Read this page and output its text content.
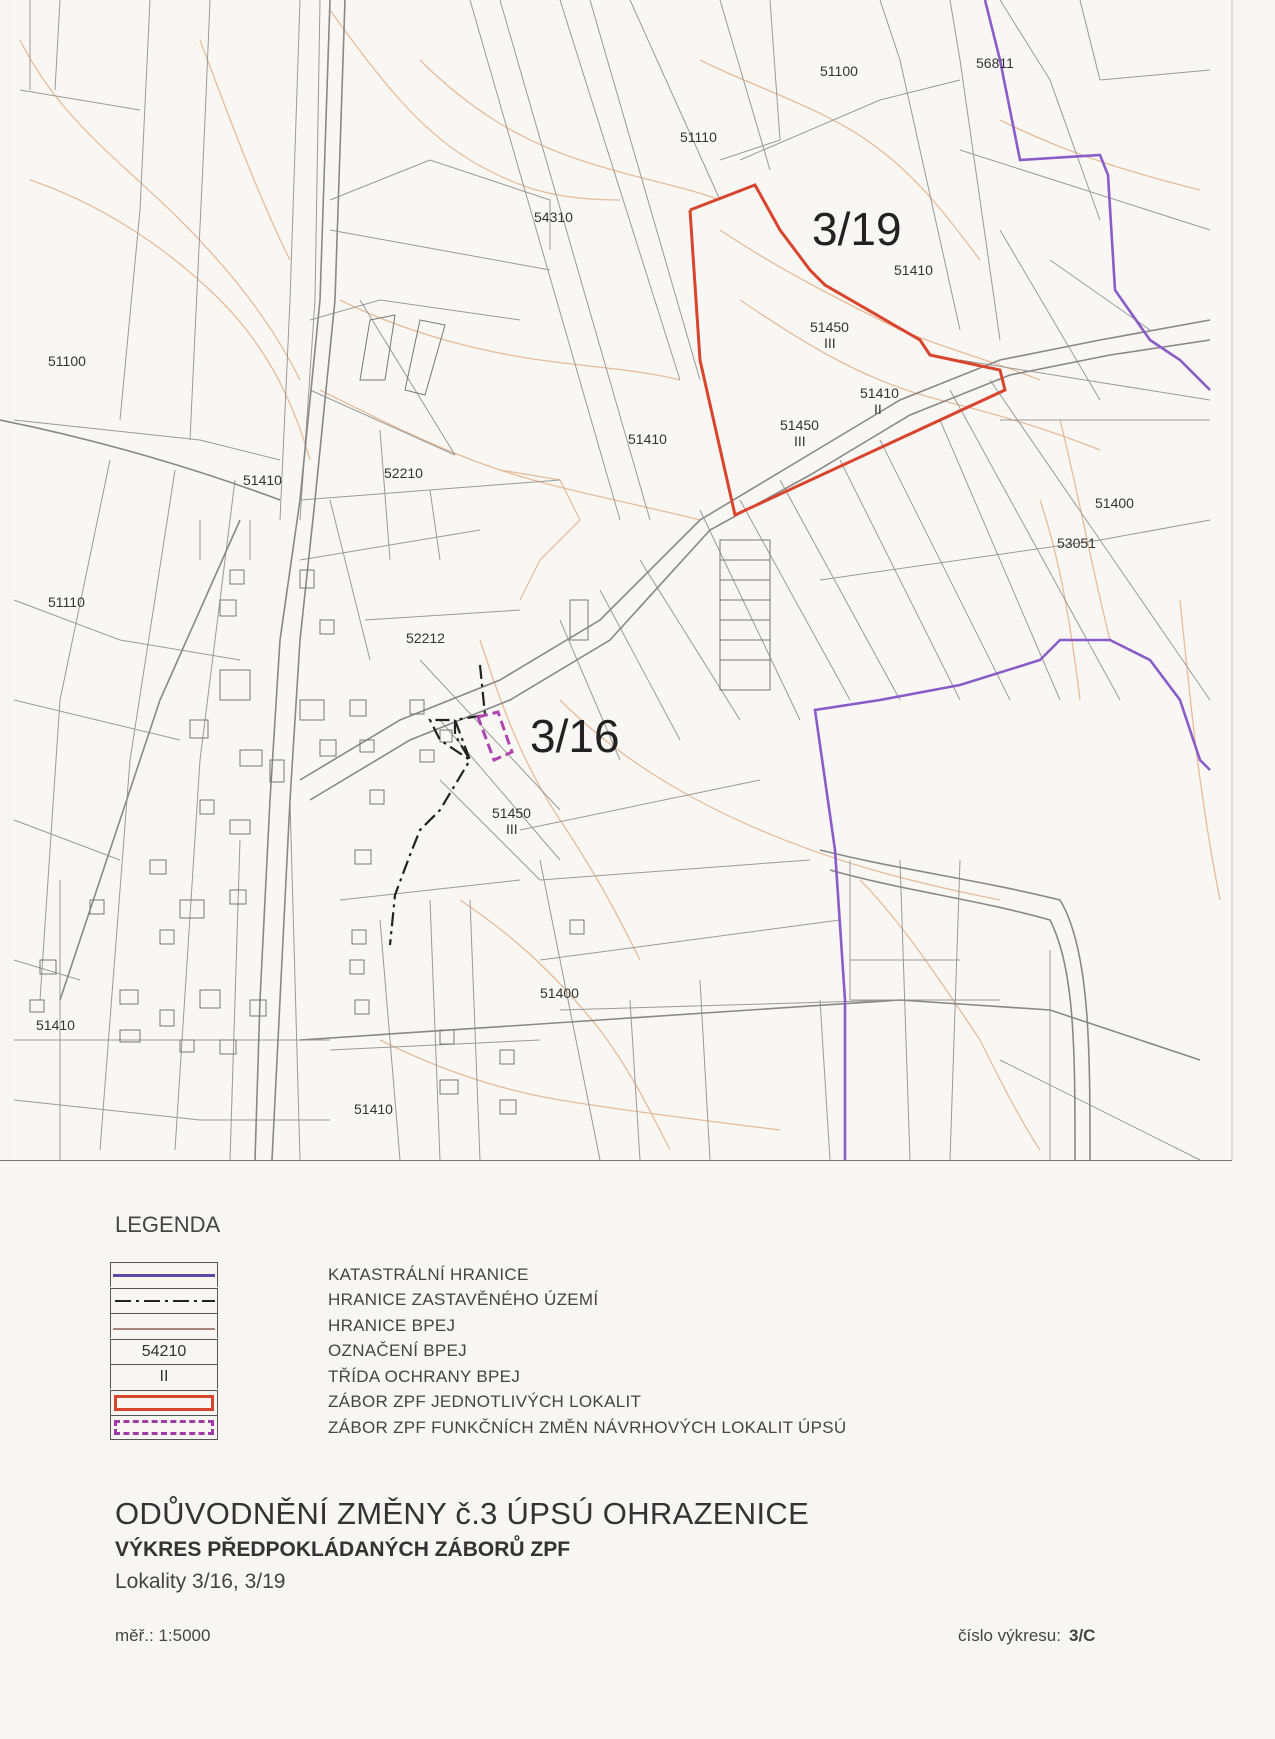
51100	56811
51110
54310
51410
51450
III
51410
II
51450
III
51100
51410	52210
51410
51400
53051
51110
52212
51450
III
51400
51410
51410
3/19
3/16
LEGENDA
KATASTRÁLNÍ HRANICE
HRANICE ZASTAVĚNÉHO ÚZEMÍ
HRANICE BPEJ
54210	OZNAČENÍ BPEJ
II	TŘÍDA OCHRANY BPEJ
ZÁBOR ZPF JEDNOTLIVÝCH LOKALIT
ZÁBOR ZPF FUNKČNÍCH ZMĚN NÁVRHOVÝCH LOKALIT ÚPSÚ
ODŮVODNĚNÍ ZMĚNY č.3 ÚPSÚ OHRAZENICE
VÝKRES PŘEDPOKLÁDANÝCH ZÁBORŮ ZPF
Lokality 3/16, 3/19
měř.: 1:5000	číslo výkresu: 3/C
